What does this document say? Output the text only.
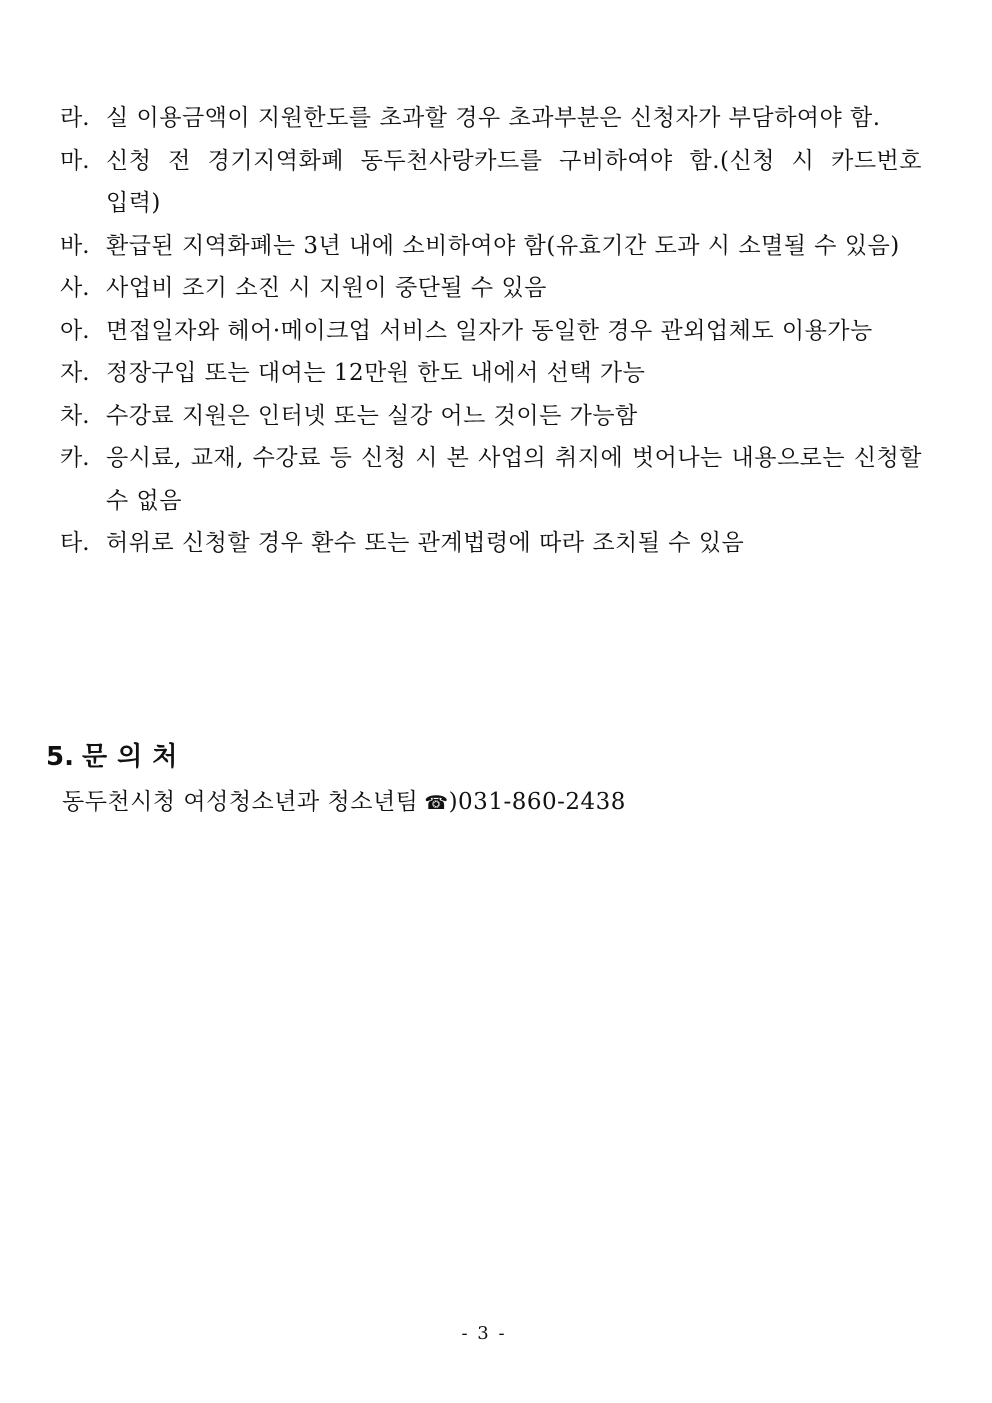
라. 실 이용금액이 지원한도를 초과할 경우 초과부분은 신청자가 부담하여야 함.
마. 신청 전 경기지역화폐 동두천사랑카드를 구비하여야 함.(신청 시 카드번호 입력)
바. 환급된 지역화폐는 3년 내에 소비하여야 함(유효기간 도과 시 소멸될 수 있음)
사. 사업비 조기 소진 시 지원이 중단될 수 있음
아. 면접일자와 헤어·메이크업 서비스 일자가 동일한 경우 관외업체도 이용가능
자. 정장구입 또는 대여는 12만원 한도 내에서 선택 가능
차. 수강료 지원은 인터넷 또는 실강 어느 것이든 가능함
카. 응시료, 교재, 수강료 등 신청 시 본 사업의 취지에 벗어나는 내용으로는 신청할 수 없음
타. 허위로 신청할 경우 환수 또는 관계법령에 따라 조치될 수 있음
5. 문의처
동두천시청 여성청소년과 청소년팀 ☎)031-860-2438
- 3 -
